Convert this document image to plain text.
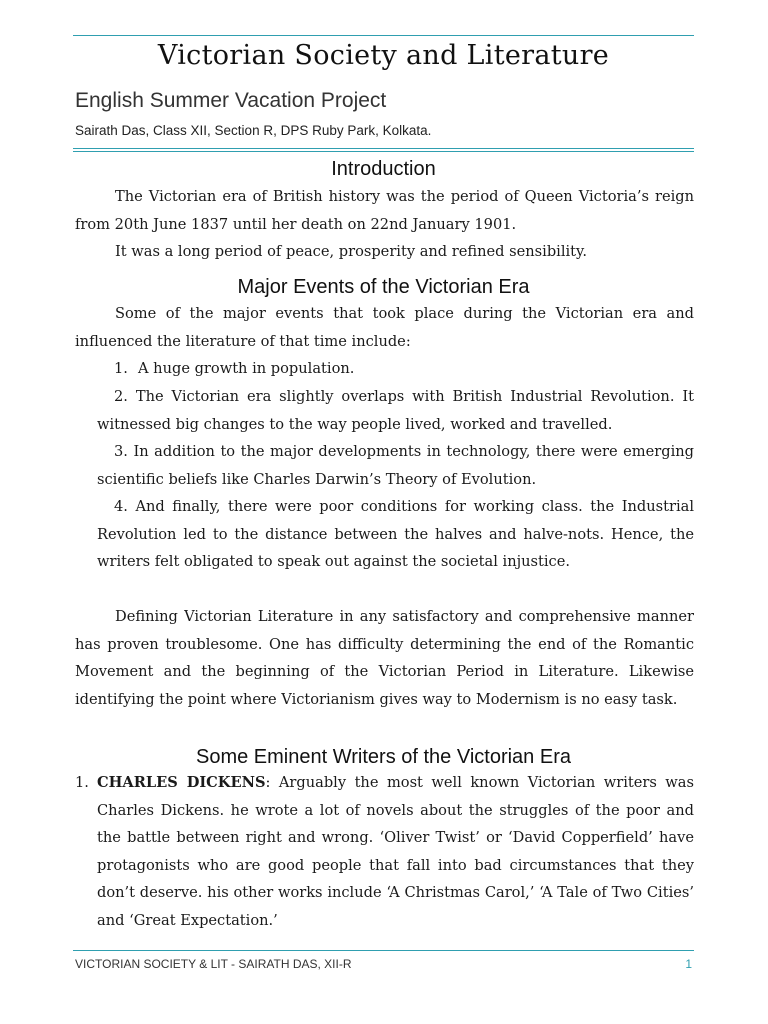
Victorian Society and Literature
English Summer Vacation Project
Sairath Das, Class XII, Section R, DPS Ruby Park, Kolkata.
Introduction

The Victorian era of British history was the period of Queen Victoria’s reign from 20th June 1837 until her death on 22nd January 1901.

It was a long period of peace, prosperity and refined sensibility.

Major Events of the Victorian Era

Some of the major events that took place during the Victorian era and influenced the literature of that time include:

1. A huge growth in population.

2. The Victorian era slightly overlaps with British Industrial Revolution. It witnessed big changes to the way people lived, worked and travelled.

3. In addition to the major developments in technology, there were emerging scientific beliefs like Charles Darwin’s Theory of Evolution.

4. And finally, there were poor conditions for working class. the Industrial Revolution led to the distance between the halves and halve-nots. Hence, the writers felt obligated to speak out against the societal injustice.

Defining Victorian Literature in any satisfactory and comprehensive manner has proven troublesome. One has difficulty determining the end of the Romantic Movement and the beginning of the Victorian Period in Literature. Likewise identifying the point where Victorianism gives way to Modernism is no easy task.

Some Eminent Writers of the Victorian Era
1. CHARLES DICKENS: Arguably the most well known Victorian writers was Charles Dickens. he wrote a lot of novels about the struggles of the poor and the battle between right and wrong. ‘Oliver Twist’ or ‘David Copperfield’ have protagonists who are good people that fall into bad circumstances that they don’t deserve. his other works include ‘A Christmas Carol,’ ‘A Tale of Two Cities’ and ‘Great Expectation.’

VICTORIAN SOCIETY & LIT - SAIRATH DAS, XII-R	1
